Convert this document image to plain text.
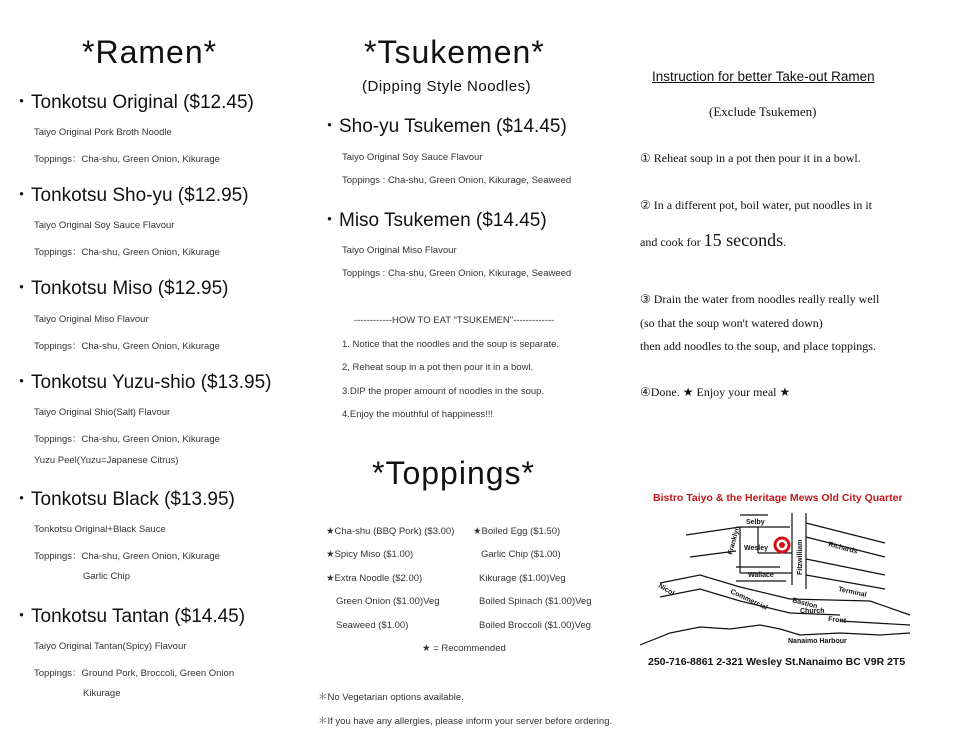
*Ramen*
・Tonkotsu Original ($12.45)
Taiyo Original Pork Broth Noodle
Toppings：Cha-shu, Green Onion, Kikurage
・Tonkotsu Sho-yu ($12.95)
Taiyo Original Soy Sauce Flavour
Toppings：Cha-shu, Green Onion, Kikurage
・Tonkotsu Miso ($12.95)
Taiyo Original Miso Flavour
Toppings：Cha-shu, Green Onion, Kikurage
・Tonkotsu Yuzu-shio ($13.95)
Taiyo Original Shio(Salt) Flavour
Toppings：Cha-shu, Green Onion, Kikurage
Yuzu Peel(Yuzu=Japanese Citrus)
・Tonkotsu Black ($13.95)
Tonkotsu Original+Black Sauce
Toppings：Cha-shu, Green Onion, Kikurage
Garlic Chip
・Tonkotsu Tantan ($14.45)
Taiyo Original Tantan(Spicy) Flavour
Toppings：Ground Pork, Broccoli, Green Onion
Kikurage
*Tsukemen*
(Dipping Style Noodles)
・Sho-yu Tsukemen ($14.45)
Taiyo Original Soy Sauce Flavour
Toppings : Cha-shu, Green Onion, Kikurage, Seaweed
・Miso Tsukemen ($14.45)
Taiyo Original Miso Flavour
Toppings : Cha-shu, Green Onion, Kikurage, Seaweed
------------HOW TO EAT "TSUKEMEN"-------------
1. Notice that the noodles and the soup is separate.
2, Reheat soup in a pot then pour it in a bowl.
3.DIP the proper amount of noodles in the soup.
4.Enjoy the mouthful of happiness!!!
*Toppings*
★Cha-shu (BBQ Pork) ($3.00)
★Spicy Miso ($1.00)
★Extra Noodle ($2.00)
Green Onion ($1.00)Veg
Seaweed ($1.00)
★Boiled Egg ($1.50)
Garlic Chip ($1.00)
Kikurage ($1.00)Veg
Boiled Spinach ($1.00)Veg
Boiled Broccoli ($1.00)Veg
★ = Recommended
＊No Vegetarian options available.
＊If you have any allergies, please inform your server before ordering.
Instruction for better Take-out Ramen
(Exclude Tsukemen)
① Reheat soup in a pot then pour it in a bowl.
② In a different pot, boil water, put noodles in it
and cook for 15 seconds.
③ Drain the water from noodles really really well
(so that the soup won't watered down)
then add noodles to the soup, and place toppings.
④Done. ★ Enjoy your meal ★
Bistro Taiyo & the Heritage Mews Old City Quarter
Selby
Franklyn Wesley	Richards
Fitzwilliam
Wallace
Nicol	Commercial	Terminal
Bastion
Church
Front
Nanaimo Harbour
250-716-8861 2-321 Wesley St.Nanaimo BC V9R 2T5
